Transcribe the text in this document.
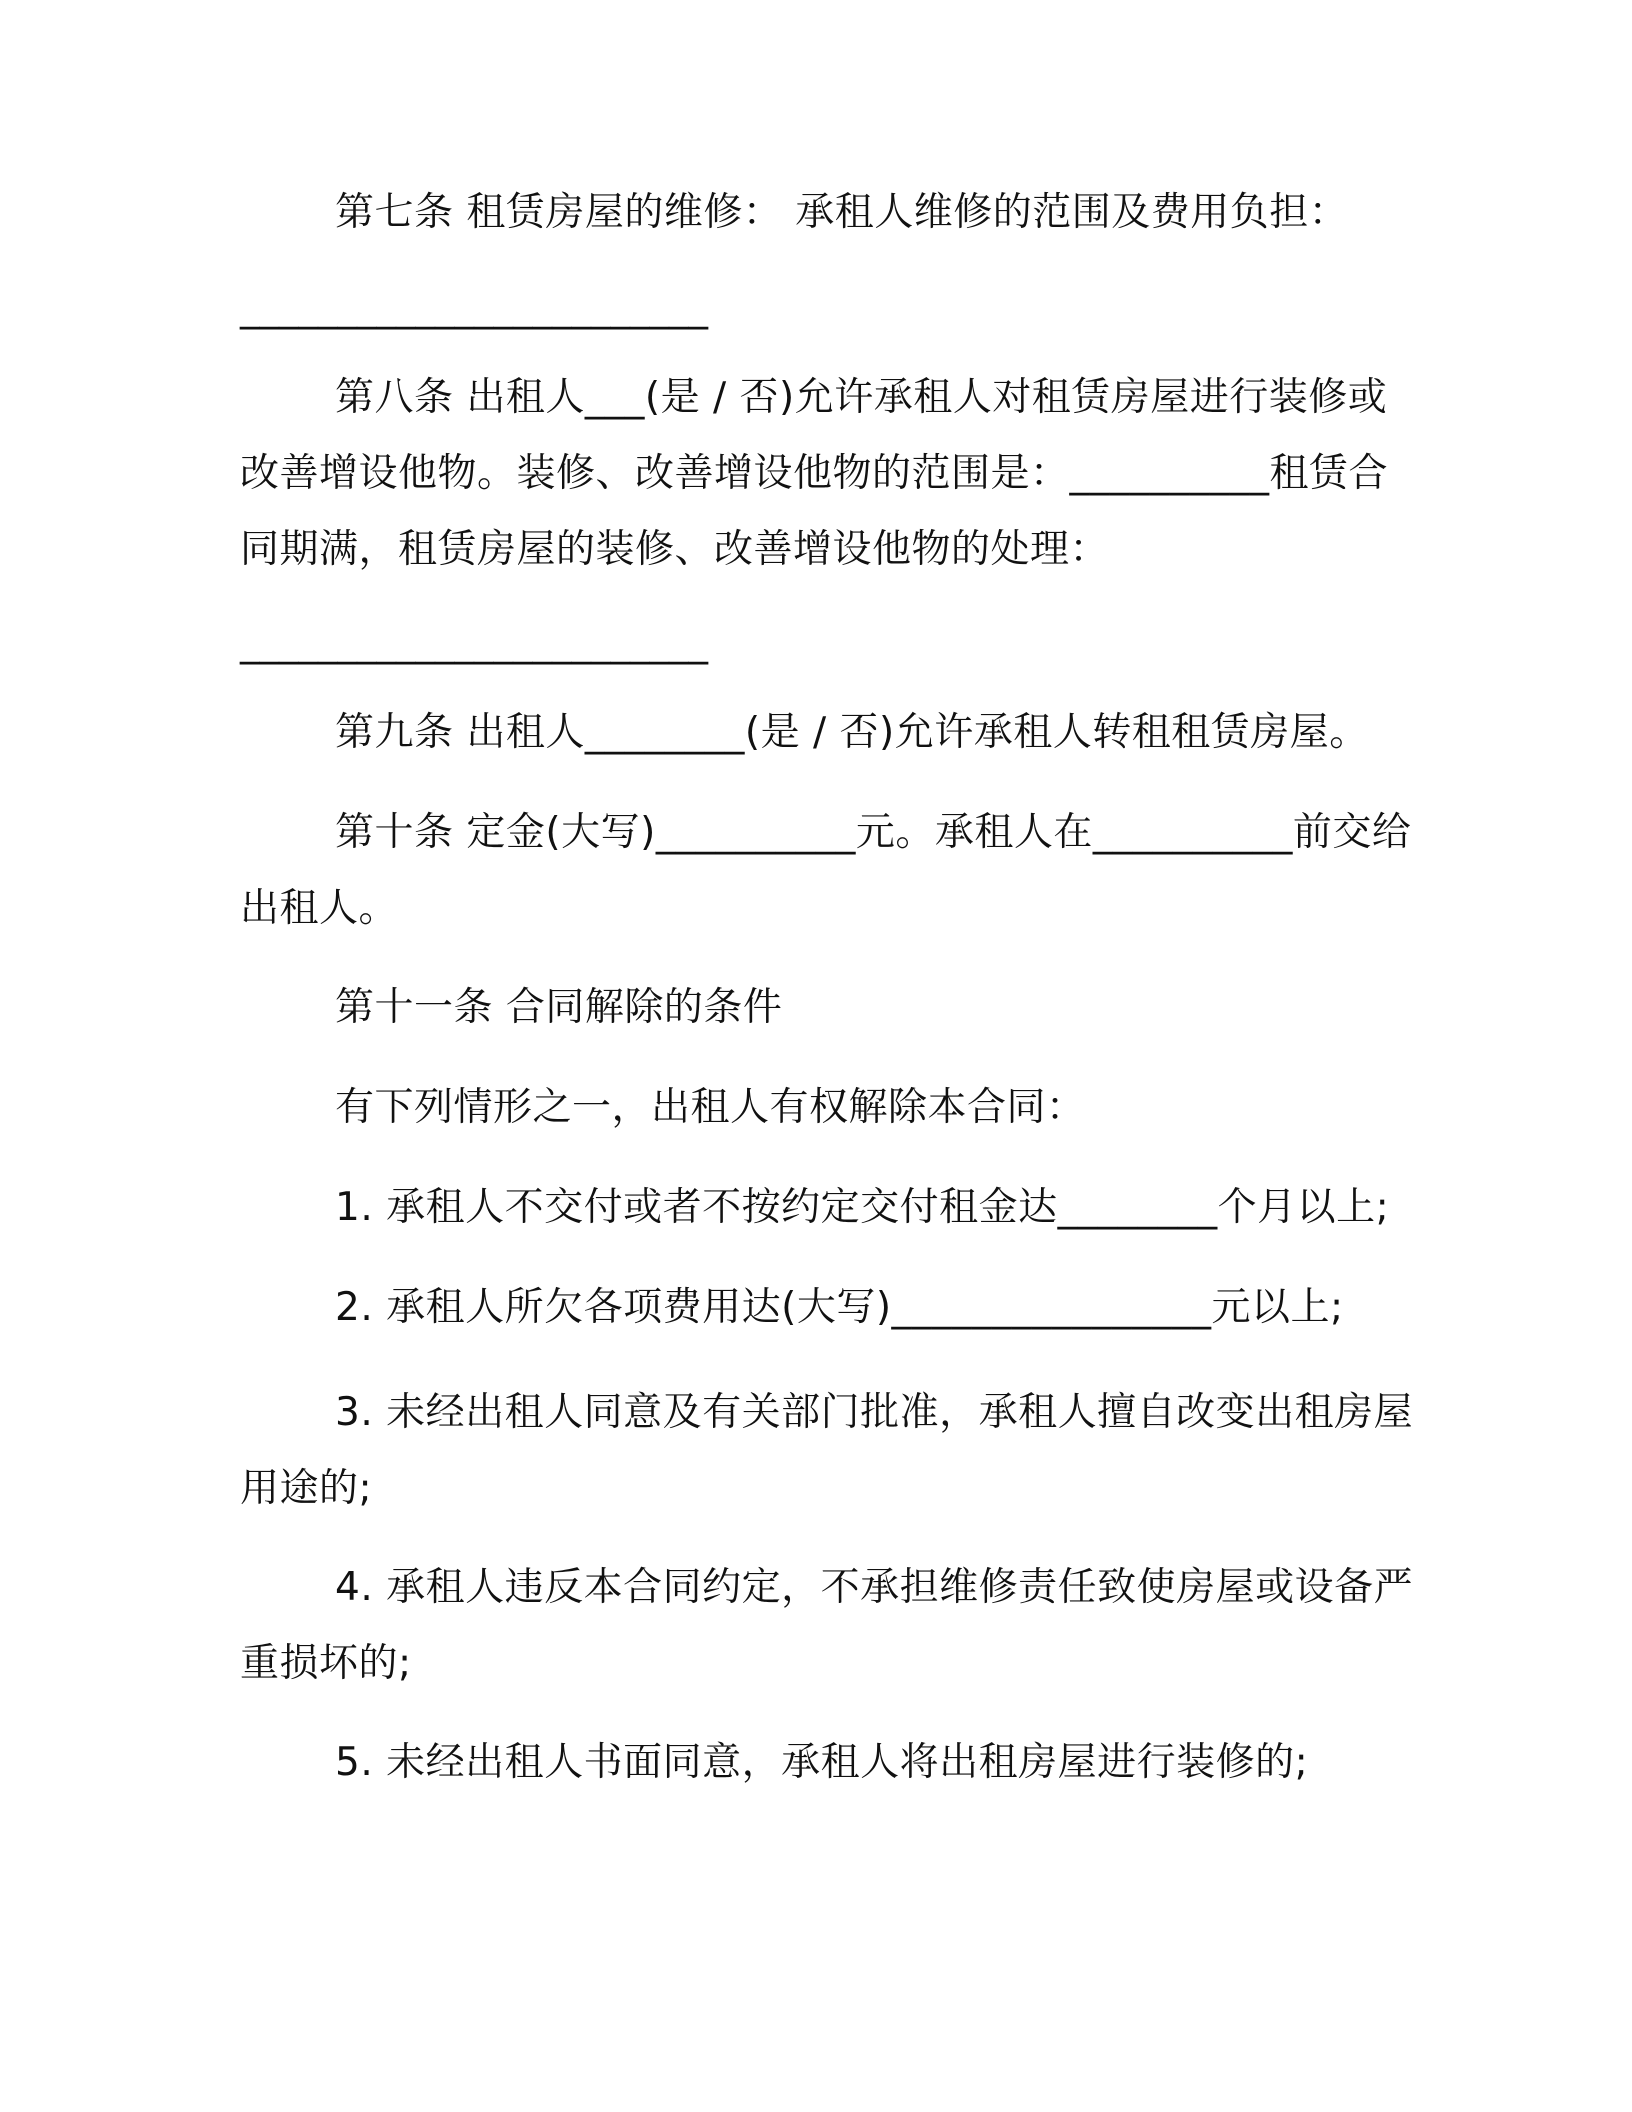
第七条 租赁房屋的维修： 承租人维修的范围及费用负担：

________________________

第八条 出租人___(是 / 否)允许承租人对租赁房屋进行装修或改善增设他物。装修、改善增设他物的范围是：__________租赁合同期满，租赁房屋的装修、改善增设他物的处理：

________________________

第九条 出租人________(是 / 否)允许承租人转租租赁房屋。

第十条 定金(大写)__________元。承租人在__________前交给出租人。

第十一条 合同解除的条件

有下列情形之一，出租人有权解除本合同：

1. 承租人不交付或者不按约定交付租金达________个月以上;

2. 承租人所欠各项费用达(大写)________________元以上;

3. 未经出租人同意及有关部门批准，承租人擅自改变出租房屋用途的;

4. 承租人违反本合同约定，不承担维修责任致使房屋或设备严重损坏的;

5. 未经出租人书面同意，承租人将出租房屋进行装修的;
